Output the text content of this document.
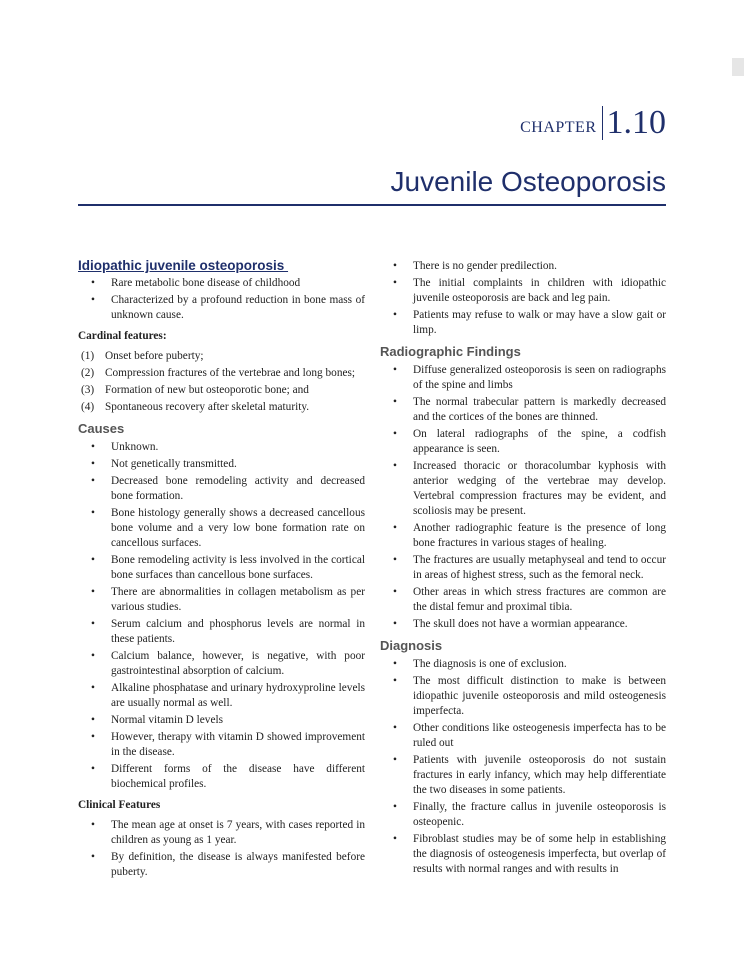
CHAPTER 1.10
Juvenile Osteoporosis
Idiopathic juvenile osteoporosis
• Rare metabolic bone disease of childhood
• Characterized by a profound reduction in bone mass of unknown cause.
Cardinal features:
(1) Onset before puberty;
(2) Compression fractures of the vertebrae and long bones;
(3) Formation of new but osteoporotic bone; and
(4) Spontaneous recovery after skeletal maturity.
Causes
• Unknown.
• Not genetically transmitted.
• Decreased bone remodeling activity and decreased bone formation.
• Bone histology generally shows a decreased cancellous bone volume and a very low bone formation rate on cancellous surfaces.
• Bone remodeling activity is less involved in the cortical bone surfaces than cancellous bone surfaces.
• There are abnormalities in collagen metabolism as per various studies.
• Serum calcium and phosphorus levels are normal in these patients.
• Calcium balance, however, is negative, with poor gastrointestinal absorption of calcium.
• Alkaline phosphatase and urinary hydroxyproline levels are usually normal as well.
• Normal vitamin D levels
• However, therapy with vitamin D showed improvement in the disease.
• Different forms of the disease have different biochemical profiles.
Clinical Features
• The mean age at onset is 7 years, with cases reported in children as young as 1 year.
• By definition, the disease is always manifested before puberty.
• There is no gender predilection.
• The initial complaints in children with idiopathic juvenile osteoporosis are back and leg pain.
• Patients may refuse to walk or may have a slow gait or limp.
Radiographic Findings
• Diffuse generalized osteoporosis is seen on radiographs of the spine and limbs
• The normal trabecular pattern is markedly decreased and the cortices of the bones are thinned.
• On lateral radiographs of the spine, a codfish appearance is seen.
• Increased thoracic or thoracolumbar kyphosis with anterior wedging of the vertebrae may develop. Vertebral compression fractures may be evident, and scoliosis may be present.
• Another radiographic feature is the presence of long bone fractures in various stages of healing.
• The fractures are usually metaphyseal and tend to occur in areas of highest stress, such as the femoral neck.
• Other areas in which stress fractures are common are the distal femur and proximal tibia.
• The skull does not have a wormian appearance.
Diagnosis
• The diagnosis is one of exclusion.
• The most difficult distinction to make is between idiopathic juvenile osteoporosis and mild osteogenesis imperfecta.
• Other conditions like osteogenesis imperfecta has to be ruled out
• Patients with juvenile osteoporosis do not sustain fractures in early infancy, which may help differentiate the two diseases in some patients.
• Finally, the fracture callus in juvenile osteoporosis is osteopenic.
• Fibroblast studies may be of some help in establishing the diagnosis of osteogenesis imperfecta, but overlap of results with normal ranges and with results in
